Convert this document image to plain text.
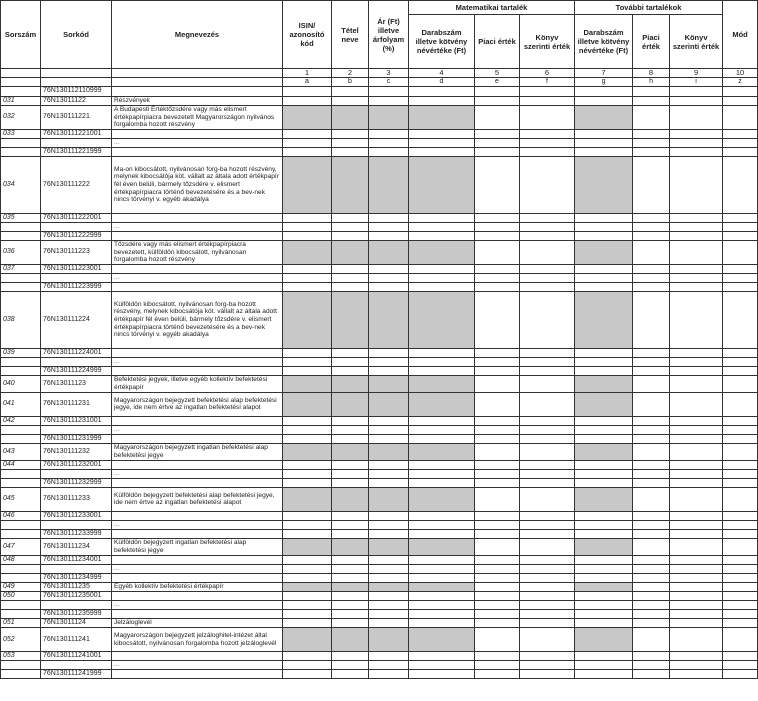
Sorszám	Sorkód	Megnevezés	ISIN/ azonosító kód	Tétel neve	Ár (Ft) illetve árfolyam (%)	Matematikai tartalék			További tartalékok			Mód
						Darabszám illetve kötvény névértéke (Ft)	Piaci érték	Könyv szerinti érték	Darabszám illetve kötvény névértéke (Ft)	Piaci érték	Könyv szerinti érték	
			1	2	3	4	5	6	7	8	9	10
			a	b	c	d	e	f	g	h	i	z
	76N130112110999											
031	76N13011122	Részvények										
032	76N130111221	A Budapesti Értéktőzsdére vagy más elismert értékpapírpiacra bevezetett Magyarországon nyilvános forgalomba hozott részvény										
033	76N130111221001											
		...										
	76N130111221999											
034	76N130111222	Ma-on kibocsátott, nyilvánosan forg-ba hozott részvény, melynek kibocsátója köt. vállalt az általa adott értékpapír fél éven belüli, bármely tőzsdére v. elismert értékpapírpiacra történő bevezetésére és a bev-nek nincs törvényi v. egyéb akadálya										
035	76N130111222001											
		...										
	76N130111222999											
036	76N130111223	Tőzsdére vagy más elismert értékpapírpiacra bevezetett, külföldön kibocsátott, nyilvánosan forgalomba hozott részvény										
037	76N130111223001											
		...										
	76N130111223999											
038	76N130111224	Külföldön kibocsátott, nyilvánosan forg-ba hozott részvény, melynek kibocsátója köt. vállalt az általa adott értékpapír fél éven belüli, bármely tőzsdére v. elismert értékpapírpiacra történő bevezetésére és a bev-nek nincs törvényi v. egyéb akadálya										
039	76N130111224001											
		...										
	76N130111224999											
040	76N13011123	Befektetési jegyek, illetve egyéb kollektív befektetési értékpapír										
041	76N130111231	Magyarországon bejegyzett befektetési alap befektetési jegye, ide nem értve az ingatlan befektetési alapot										
042	76N130111231001											
		...										
	76N130111231999											
043	76N130111232	Magyarországon bejegyzett ingatlan befektetési alap befektetési jegye										
044	76N130111232001											
		...										
	76N130111232999											
045	76N130111233	Külföldön bejegyzett befektetési alap befektetési jegye, ide nem értve az ingatlan befektetési alapot										
046	76N130111233001											
		...										
	76N130111233999											
047	76N130111234	Külföldön bejegyzett ingatlan befektetési alap befektetési jegye										
048	76N130111234001											
		...										
	76N130111234999											
049	76N130111235	Egyéb kollektív befektetési értékpapír										
050	76N130111235001											
		...										
	76N130111235999											
051	76N13011124	Jelzáloglevél										
052	76N130111241	Magyarországon bejegyzett jelzáloghitel-intézet által kibocsátott, nyilvánosan forgalomba hozott jelzáloglevél										
053	76N130111241001											
		...										
	76N130111241999											
